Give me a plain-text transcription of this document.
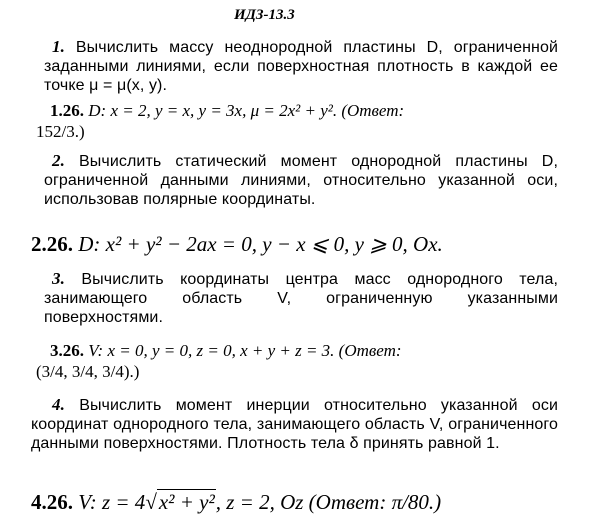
ИДЗ-13.3
1. Вычислить массу неоднородной пластины D, ограниченной заданными линиями, если поверхностная плотность в каждой ее точке μ = μ(x, y).
1.26. D: x = 2, y = x, y = 3x, μ = 2x² + y². (Ответ:
152/3.)
2. Вычислить статический момент однородной пластины D, ограниченной данными линиями, относительно указанной оси, использовав полярные координаты.
2.26. D: x² + y² − 2ax = 0, y − x ⩽ 0, y ⩾ 0, Ox.
3. Вычислить координаты центра масс однородного тела, занимающего область V, ограниченную указанными поверхностями.
3.26. V: x = 0, y = 0, z = 0, x + y + z = 3. (Ответ:
(3/4, 3/4, 3/4).)
4. Вычислить момент инерции относительно указанной оси координат однородного тела, занимающего область V, ограниченного данными поверхностями. Плотность тела δ принять равной 1.
4.26. V: z = 4√x² + y², z = 2, Oz (Ответ: π/80.)
